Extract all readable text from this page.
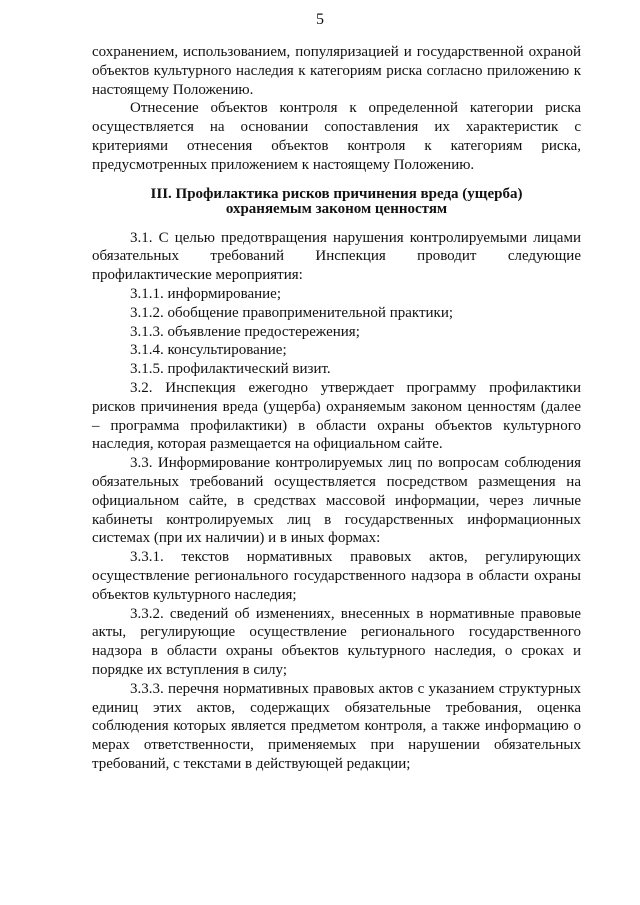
5

сохранением, использованием, популяризацией и государственной охраной объектов культурного наследия к категориям риска согласно приложению к настоящему Положению.

Отнесение объектов контроля к определенной категории риска осуществляется на основании сопоставления их характеристик с критериями отнесения объектов контроля к категориям риска, предусмотренных приложением к настоящему Положению.

III. Профилактика рисков причинения вреда (ущерба)
охраняемым законом ценностям

3.1. С целью предотвращения нарушения контролируемыми лицами обязательных требований Инспекция проводит следующие профилактические мероприятия:

3.1.1. информирование;

3.1.2. обобщение правоприменительной практики;

3.1.3. объявление предостережения;

3.1.4. консультирование;

3.1.5. профилактический визит.

3.2. Инспекция ежегодно утверждает программу профилактики рисков причинения вреда (ущерба) охраняемым законом ценностям (далее – программа профилактики) в области охраны объектов культурного наследия, которая размещается на официальном сайте.

3.3. Информирование контролируемых лиц по вопросам соблюдения обязательных требований осуществляется посредством размещения на официальном сайте, в средствах массовой информации, через личные кабинеты контролируемых лиц в государственных информационных системах (при их наличии) и в иных формах:

3.3.1. текстов нормативных правовых актов, регулирующих осуществление регионального государственного надзора в области охраны объектов культурного наследия;

3.3.2. сведений об изменениях, внесенных в нормативные правовые акты, регулирующие осуществление регионального государственного надзора в области охраны объектов культурного наследия, о сроках и порядке их вступления в силу;

3.3.3. перечня нормативных правовых актов с указанием структурных единиц этих актов, содержащих обязательные требования, оценка соблюдения которых является предметом контроля, а также информацию о мерах ответственности, применяемых при нарушении обязательных требований, с текстами в действующей редакции;
